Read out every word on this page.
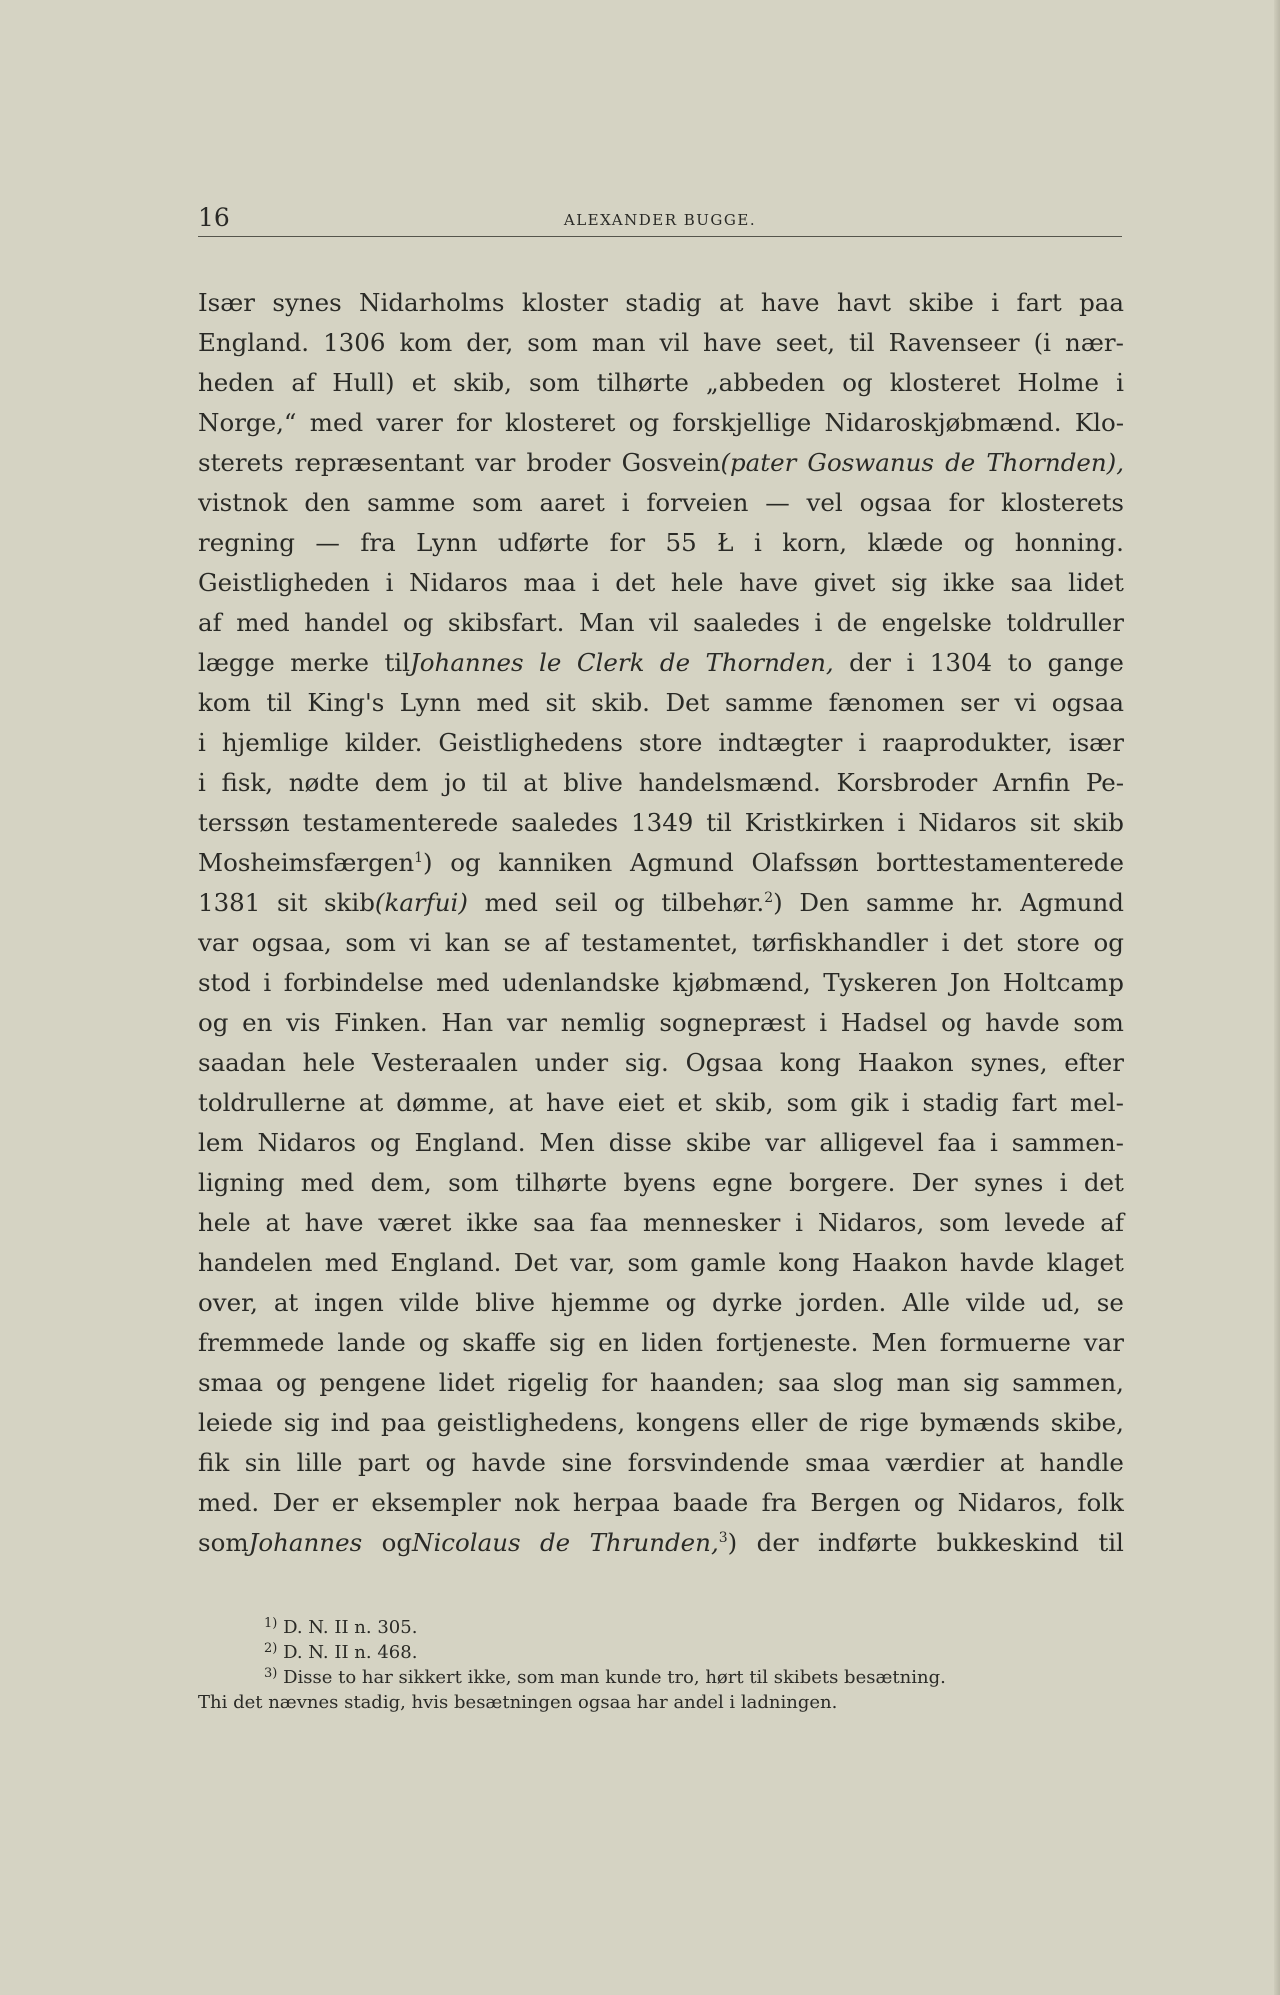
16	ALEXANDER BUGGE.
Især synes Nidarholms kloster stadig at have havt skibe i fart paa
England. 1306 kom der, som man vil have seet, til Ravenseer (i nær-
heden af Hull) et skib, som tilhørte „abbeden og klosteret Holme i
Norge,“ med varer for klosteret og forskjellige Nidaroskjøbmænd. Klo-
sterets repræsentant var broder Gosvein(pater Goswanus de Thornden),
vistnok den samme som aaret i forveien — vel ogsaa for klosterets
regning — fra Lynn udførte for 55 Ł i korn, klæde og honning.
Geistligheden i Nidaros maa i det hele have givet sig ikke saa lidet
af med handel og skibsfart. Man vil saaledes i de engelske toldruller
lægge merke tilJohannes le Clerk de Thornden, der i 1304 to gange
kom til King's Lynn med sit skib. Det samme fænomen ser vi ogsaa
i hjemlige kilder. Geistlighedens store indtægter i raaprodukter, især
i fisk, nødte dem jo til at blive handelsmænd. Korsbroder Arnfin Pe-
terssøn testamenterede saaledes 1349 til Kristkirken i Nidaros sit skib
Mosheimsfærgen$^1$) og kanniken Agmund Olafssøn borttestamenterede
1381 sit skib(karfui) med seil og tilbehør.$^2$) Den samme hr. Agmund
var ogsaa, som vi kan se af testamentet, tørfiskhandler i det store og
stod i forbindelse med udenlandske kjøbmænd, Tyskeren Jon Holtcamp
og en vis Finken. Han var nemlig sognepræst i Hadsel og havde som
saadan hele Vesteraalen under sig. Ogsaa kong Haakon synes, efter
toldrullerne at dømme, at have eiet et skib, som gik i stadig fart mel-
lem Nidaros og England. Men disse skibe var alligevel faa i sammen-
ligning med dem, som tilhørte byens egne borgere. Der synes i det
hele at have været ikke saa faa mennesker i Nidaros, som levede af
handelen med England. Det var, som gamle kong Haakon havde klaget
over, at ingen vilde blive hjemme og dyrke jorden. Alle vilde ud, se
fremmede lande og skaffe sig en liden fortjeneste. Men formuerne var
smaa og pengene lidet rigelig for haanden; saa slog man sig sammen,
leiede sig ind paa geistlighedens, kongens eller de rige bymænds skibe,
fik sin lille part og havde sine forsvindende smaa værdier at handle
med. Der er eksempler nok herpaa baade fra Bergen og Nidaros, folk
somJohannes ogNicolaus de Thrunden,$^3$) der indførte bukkeskind til
$^{1)}$ D. N. II n. 305.
$^{2)}$ D. N. II n. 468.
$^{3)}$ Disse to har sikkert ikke, som man kunde tro, hørt til skibets besætning.
Thi det nævnes stadig, hvis besætningen ogsaa har andel i ladningen.
